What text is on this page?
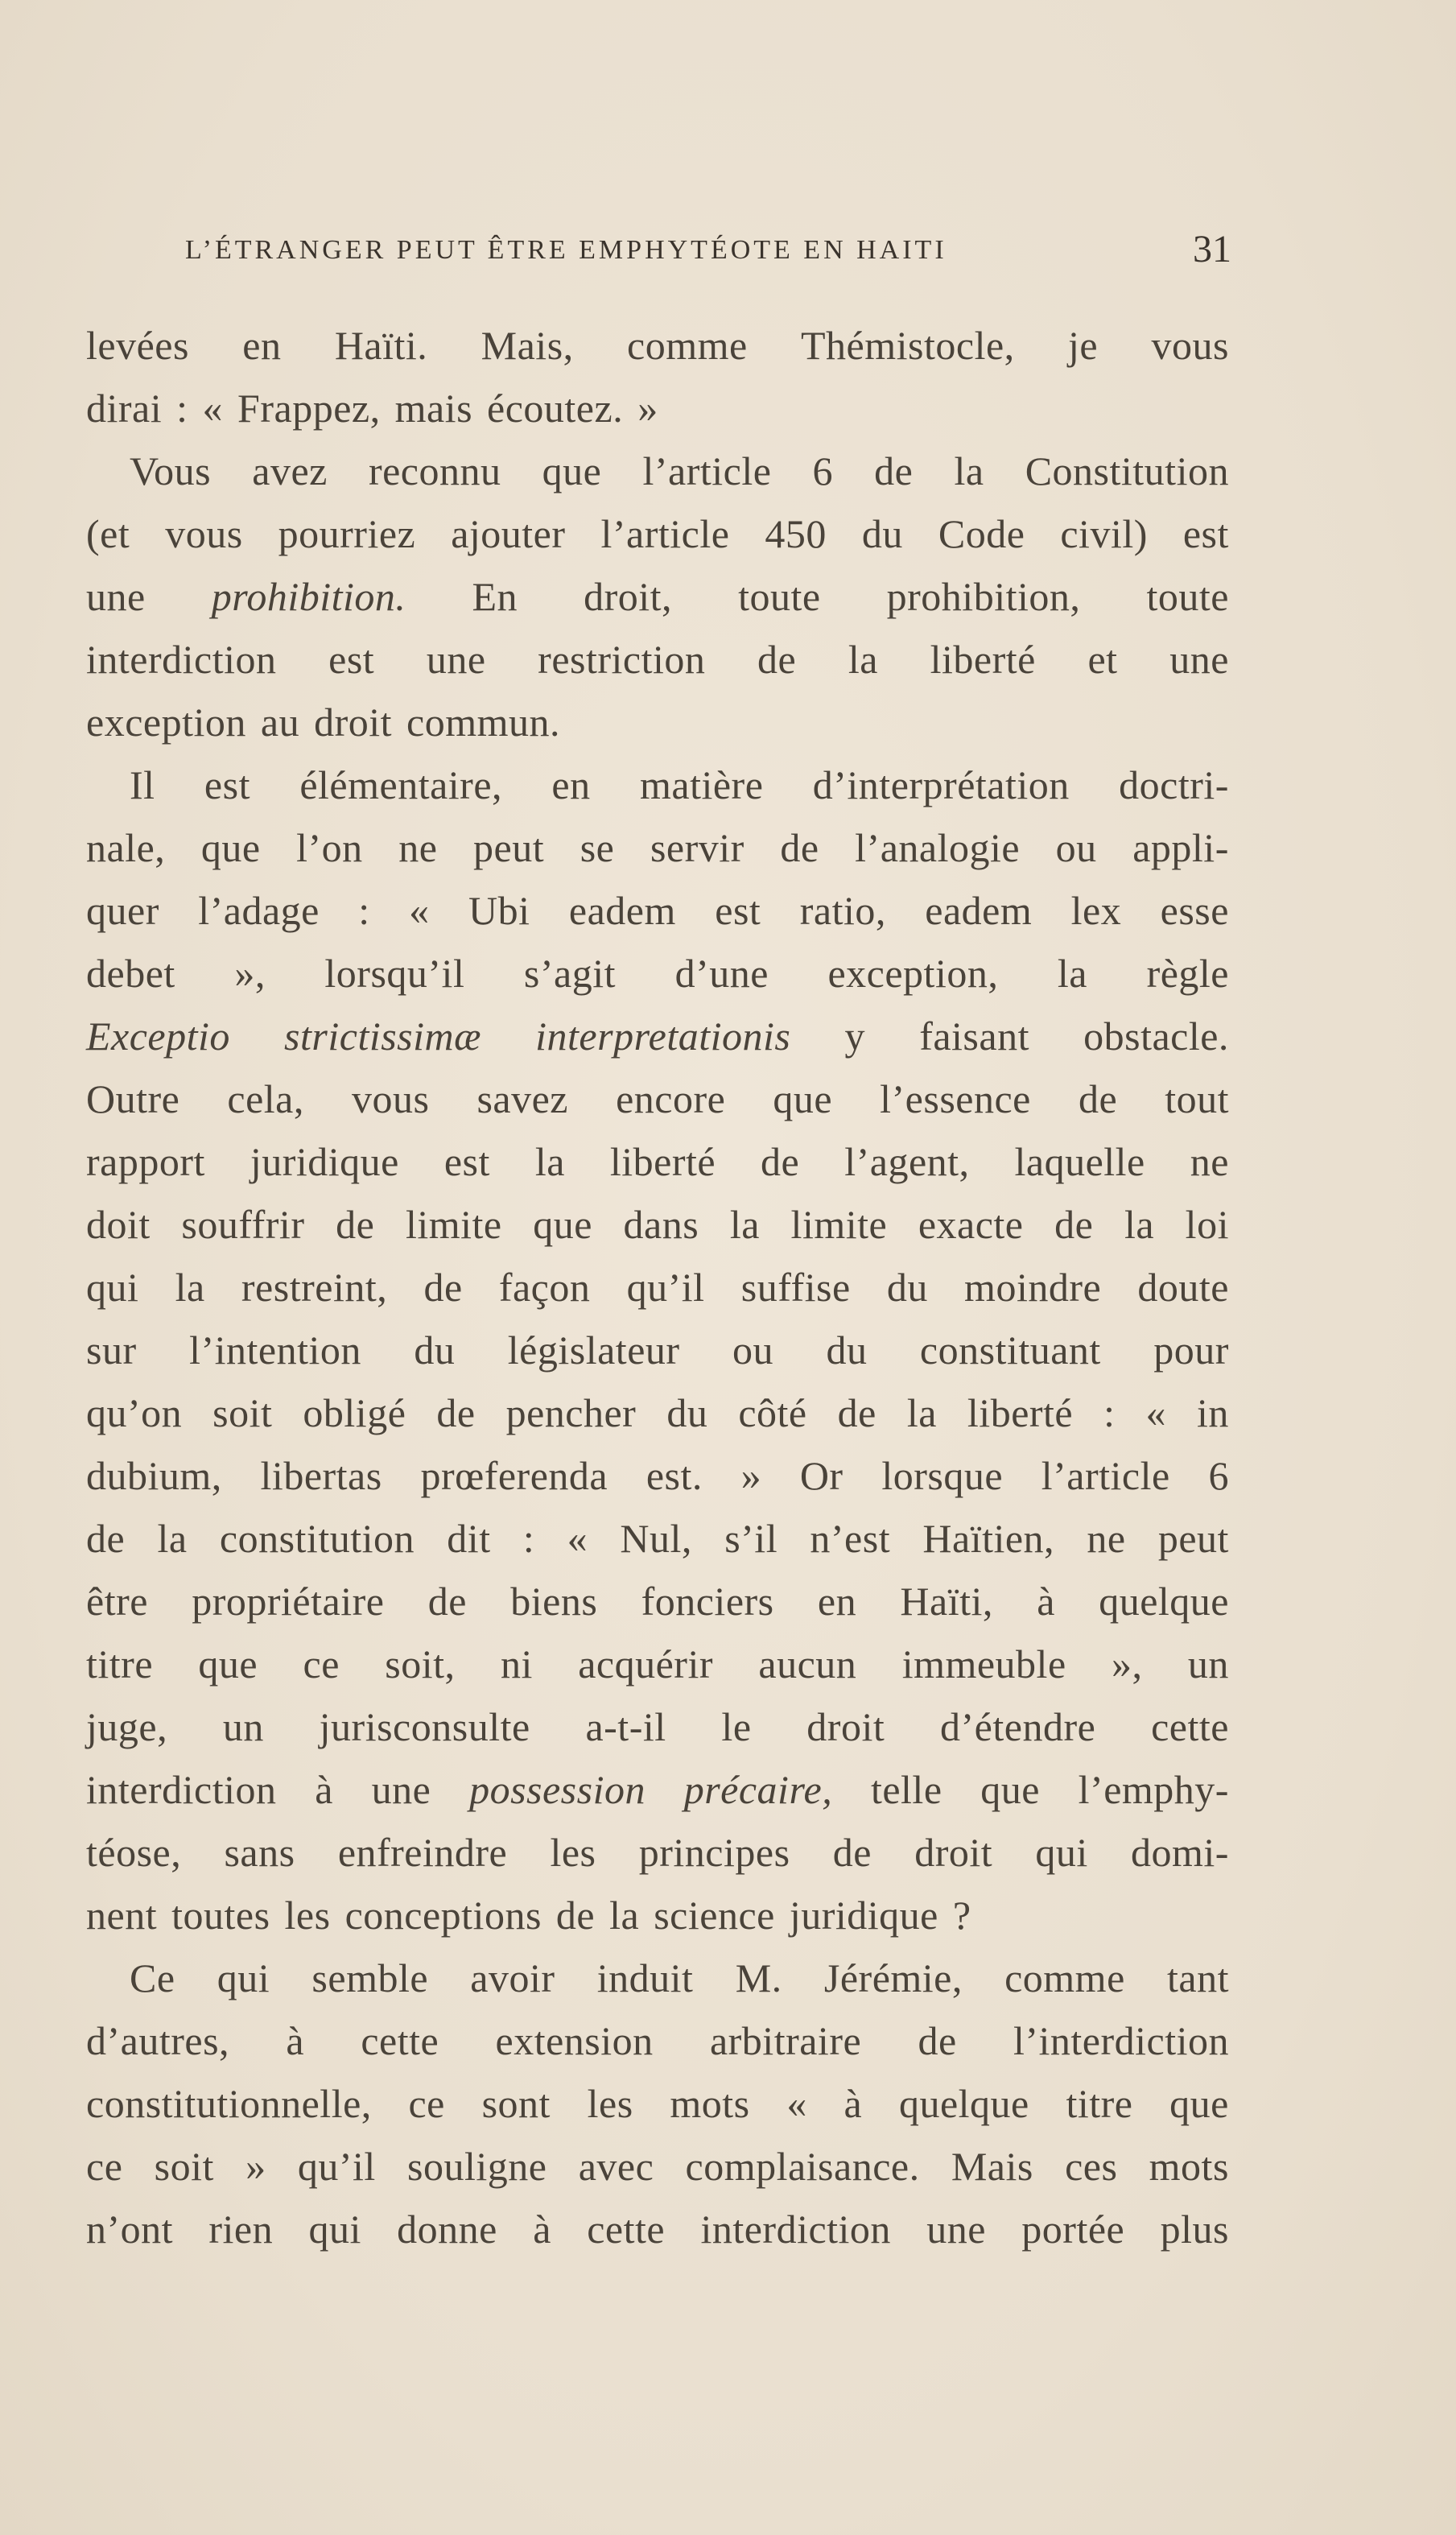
L’ÉTRANGER PEUT ÊTRE EMPHYTÉOTE EN HAITI	31
levées en Haïti. Mais, comme Thémistocle, je vous
dirai : « Frappez, mais écoutez. »
Vous avez reconnu que l’article 6 de la Constitution
(et vous pourriez ajouter l’article 450 du Code civil) est
une prohibition. En droit, toute prohibition, toute
interdiction est une restriction de la liberté et une
exception au droit commun.
Il est élémentaire, en matière d’interprétation doctri-
nale, que l’on ne peut se servir de l’analogie ou appli-
quer l’adage : « Ubi eadem est ratio, eadem lex esse
debet », lorsqu’il s’agit d’une exception, la règle
Exceptio strictissimæ interpretationis y faisant obstacle.
Outre cela, vous savez encore que l’essence de tout
rapport juridique est la liberté de l’agent, laquelle ne
doit souffrir de limite que dans la limite exacte de la loi
qui la restreint, de façon qu’il suffise du moindre doute
sur l’intention du législateur ou du constituant pour
qu’on soit obligé de pencher du côté de la liberté : « in
dubium, libertas prœferenda est. » Or lorsque l’article 6
de la constitution dit : « Nul, s’il n’est Haïtien, ne peut
être propriétaire de biens fonciers en Haïti, à quelque
titre que ce soit, ni acquérir aucun immeuble », un
juge, un jurisconsulte a-t-il le droit d’étendre cette
interdiction à une possession précaire, telle que l’emphy-
téose, sans enfreindre les principes de droit qui domi-
nent toutes les conceptions de la science juridique ?
Ce qui semble avoir induit M. Jérémie, comme tant
d’autres, à cette extension arbitraire de l’interdiction
constitutionnelle, ce sont les mots « à quelque titre que
ce soit » qu’il souligne avec complaisance. Mais ces mots
n’ont rien qui donne à cette interdiction une portée plus
